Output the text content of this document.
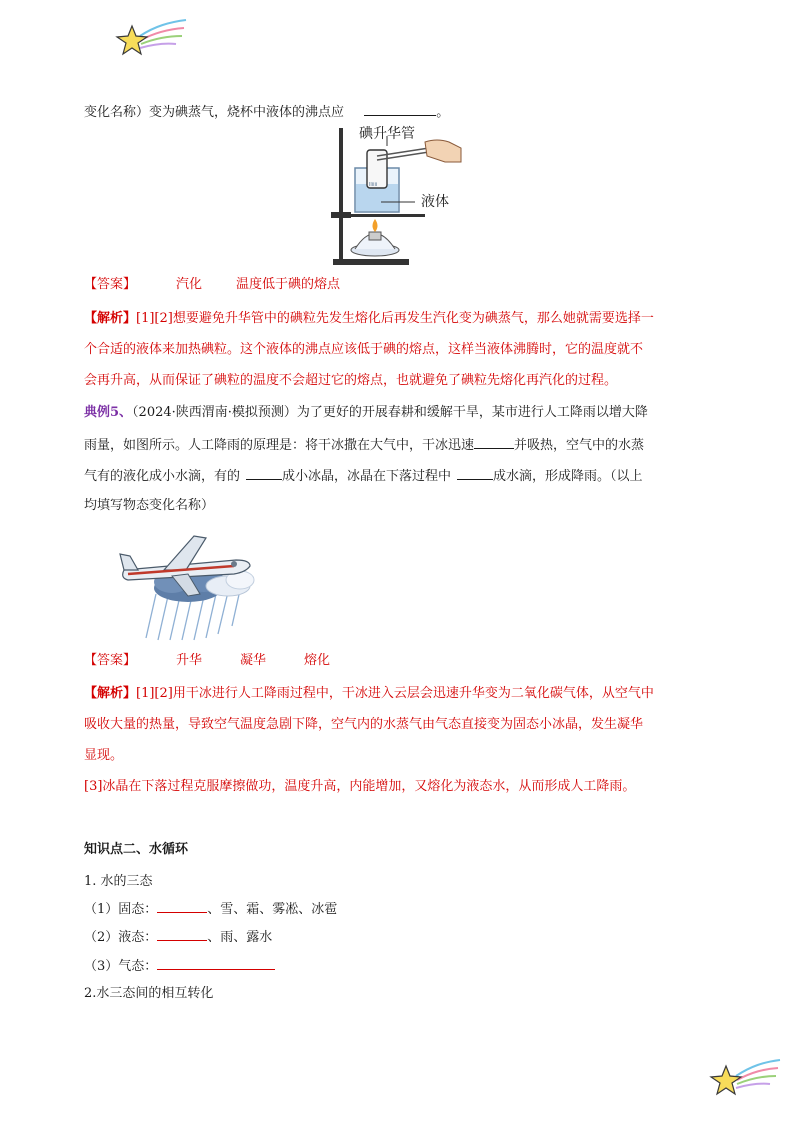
变化名称）变为碘蒸气，烧杯中液体的沸点应	。
lliiii
碘升华管
液体
【答案】	汽化	温度低于碘的熔点
【解析】[1][2]想要避免升华管中的碘粒先发生熔化后再发生汽化变为碘蒸气，那么她就需要选择一
个合适的液体来加热碘粒。这个液体的沸点应该低于碘的熔点，这样当液体沸腾时，它的温度就不
会再升高，从而保证了碘粒的温度不会超过它的熔点，也就避免了碘粒先熔化再汽化的过程。
典例5、（2024·陕西渭南·模拟预测）为了更好的开展春耕和缓解干旱，某市进行人工降雨以增大降
雨量，如图所示。人工降雨的原理是：将干冰撒在大气中，干冰迅速	并吸热，空气中的水蒸
气有的液化成小水滴，有的	成小冰晶，冰晶在下落过程中	成水滴，形成降雨。（以上
均填写物态变化名称）
【答案】	升华	凝华	熔化
【解析】[1][2]用干冰进行人工降雨过程中，干冰进入云层会迅速升华变为二氧化碳气体，从空气中
吸收大量的热量，导致空气温度急剧下降，空气内的水蒸气由气态直接变为固态小冰晶，发生凝华
显现。
[3]冰晶在下落过程克服摩擦做功，温度升高，内能增加，又熔化为液态水，从而形成人工降雨。
知识点二、水循环
1. 水的三态
（1）固态：	、雪、霜、雾凇、冰雹
（2）液态：	、雨、露水
（3）气态：
2.水三态间的相互转化
